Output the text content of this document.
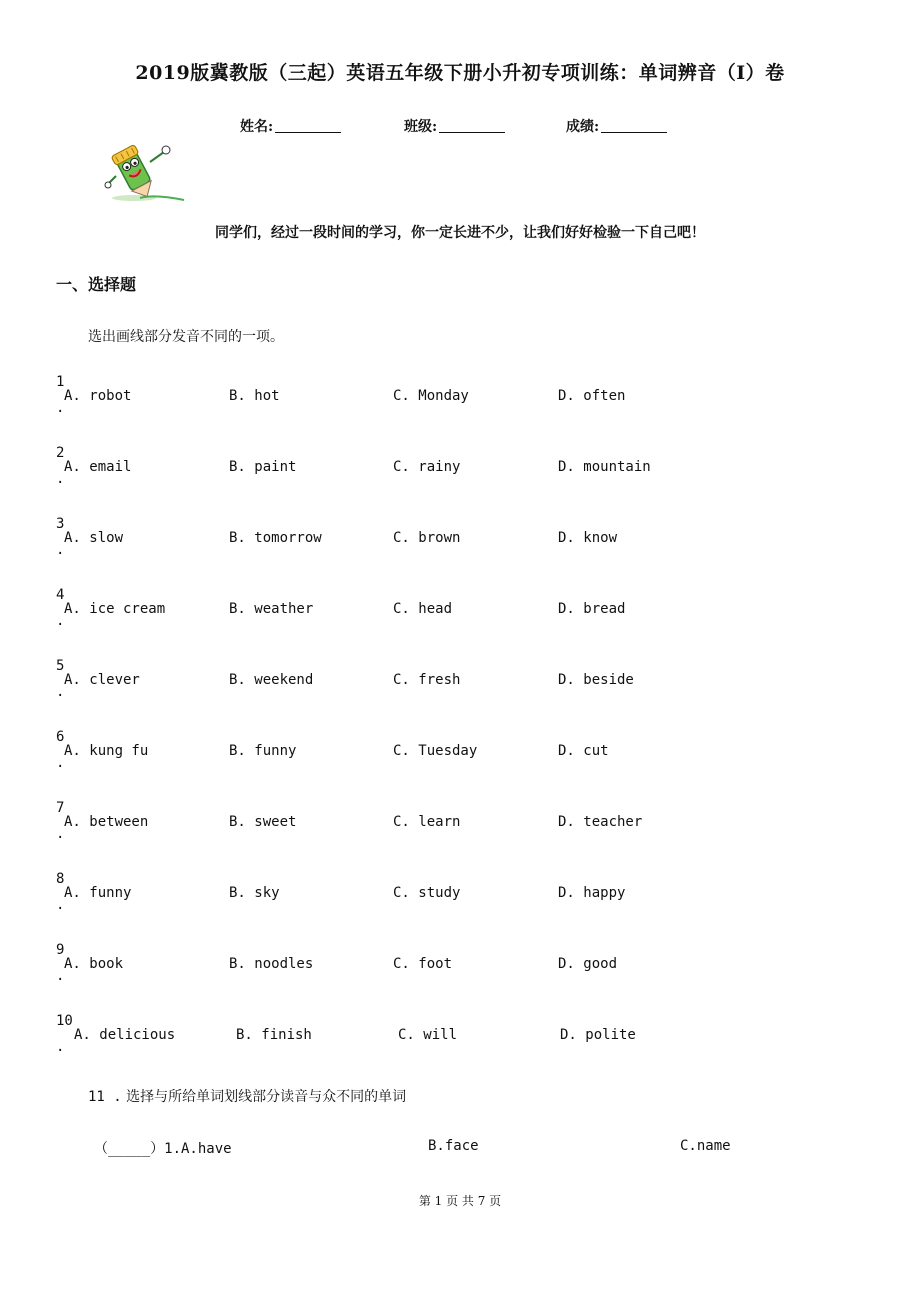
2019版冀教版（三起）英语五年级下册小升初专项训练：单词辨音（I）卷
姓名:	班级:	成绩:
同学们，经过一段时间的学习，你一定长进不少，让我们好好检验一下自己吧！
一、选择题
选出画线部分发音不同的一项。
1
.
A. robot	B. hot	C. Monday	D. often
2
.
A. email	B. paint	C. rainy	D. mountain
3
.
A. slow	B. tomorrow	C. brown	D. know
4
.
A. ice cream	B. weather	C. head	D. bread
5
.
A. clever	B. weekend	C. fresh	D. beside
6
.
A. kung fu	B. funny	C. Tuesday	D. cut
7
.
A. between	B. sweet	C. learn	D. teacher
8
.
A. funny	B. sky	C. study	D. happy
9
.
A. book	B. noodles	C. foot	D. good
10
.
A. delicious	B. finish	C. will	D. polite
11 . 选择与所给单词划线部分读音与众不同的单词
（_____）1.A.have	B.face	C.name
第 1 页 共 7 页
